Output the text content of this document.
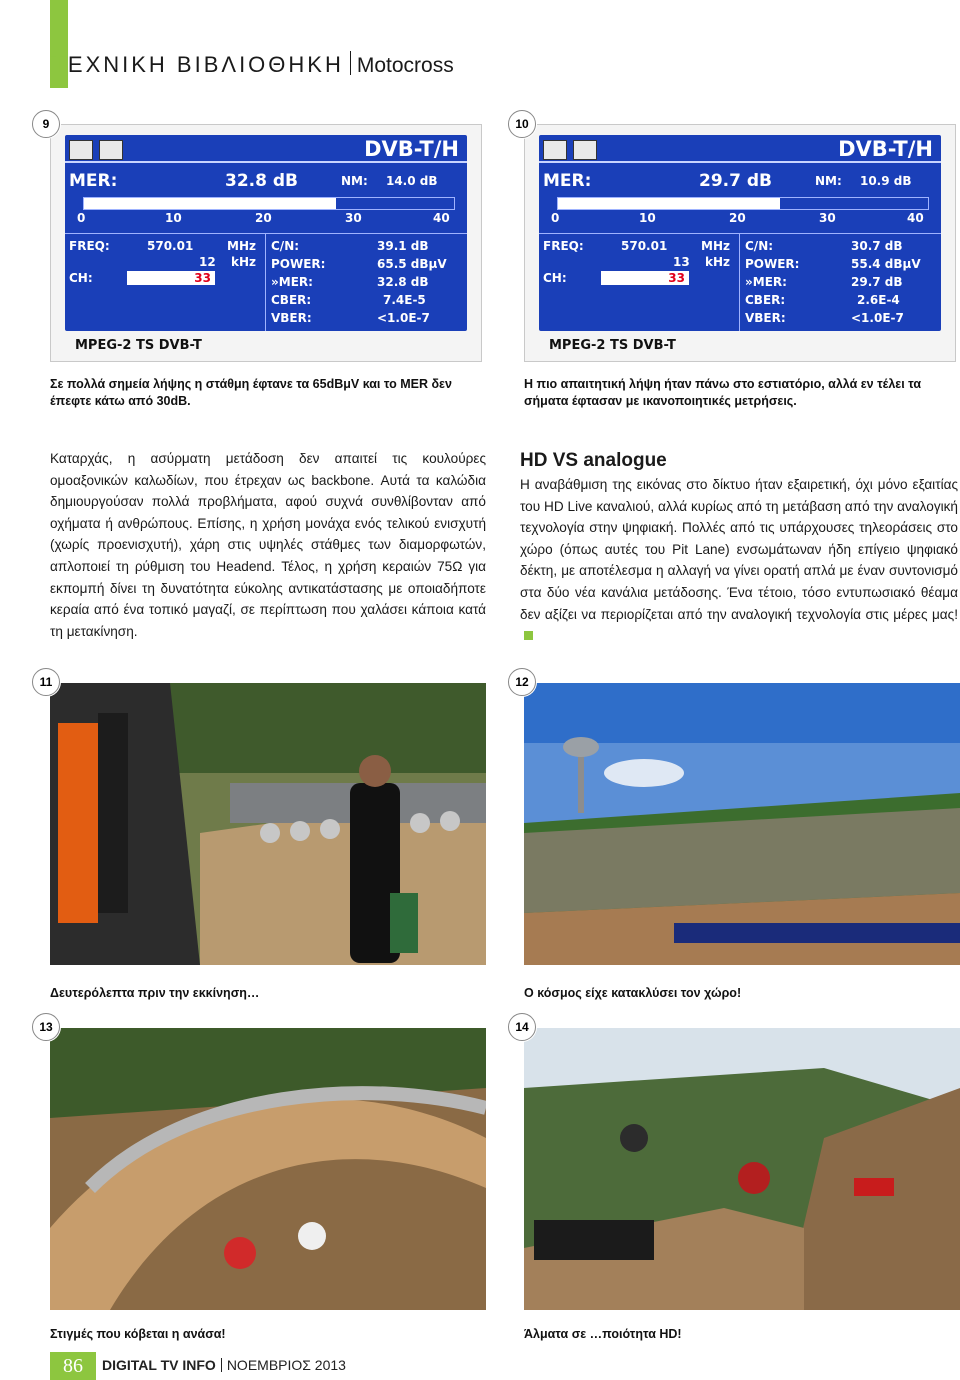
ΤΕΧΝΙΚΗ ΒΙΒΛΙΟΘΗΚΗ Motocross
9
DVB-T/H
MER:	32.8 dB	NM: 14.0 dB
0	10	20	30	40
FREQ:	570.01	MHz
12 kHz
CH:	33
C/N:	39.1 dB
POWER:	65.5 dBμV
»MER:	32.8 dB
CBER:	7.4E-5
VBER:	<1.0E-7
MPEG-2 TS DVB-T
Σε πολλά σημεία λήψης η στάθμη έφτανε τα 65dBμV και το MER δεν έπεφτε κάτω από 30dB.
10
DVB-T/H
MER:	29.7 dB	NM: 10.9 dB
0	10	20	30	40
FREQ:	570.01	MHz
13 kHz
CH:	33
C/N:	30.7 dB
POWER:	55.4 dBμV
»MER:	29.7 dB
CBER:	2.6E-4
VBER:	<1.0E-7
MPEG-2 TS DVB-T
Η πιο απαιτητική λήψη ήταν πάνω στο εστιατόριο, αλλά εν τέλει τα σήματα έφτασαν με ικανοποιητικές μετρήσεις.

Καταρχάς, η ασύρματη μετάδοση δεν απαιτεί τις κουλούρες ομοαξονικών καλωδίων, που έτρεχαν ως backbone. Αυτά τα καλώδια δημιουργούσαν πολλά προβλήματα, αφού συχνά συνθλίβονταν από οχήματα ή ανθρώπους. Επίσης, η χρήση μονάχα ενός τελικού ενισχυτή (χωρίς προενισχυτή), χάρη στις υψηλές στάθμες των διαμορφωτών, απλοποιεί τη ρύθμιση του Headend. Τέλος, η χρήση κεραιών 75Ω για εκπομπή δίνει τη δυνατότητα εύκολης αντικατάστασης με οποιαδήποτε κεραία από ένα τοπικό μαγαζί, σε περίπτωση που χαλάσει κάποια κατά τη μετακίνηση.

HD VS analogue

Η αναβάθμιση της εικόνας στο δίκτυο ήταν εξαιρετική, όχι μόνο εξαιτίας του HD Live καναλιού, αλλά κυρίως από τη μετάβαση από την αναλογική τεχνολογία στην ψηφιακή. Πολλές από τις υπάρχουσες τηλεοράσεις στο χώρο (όπως αυτές του Pit Lane) ενσωμάτωναν ήδη επίγειο ψηφιακό δέκτη, με αποτέλεσμα η αλλαγή να γίνει ορατή απλά με έναν συντονισμό στα δύο νέα κανάλια μετάδοσης. Ένα τέτοιο, τόσο εντυπωσιακό θέαμα δεν αξίζει να περιορίζεται από την αναλογική τεχνολογία στις μέρες μας!

11
Δευτερόλεπτα πριν την εκκίνηση…
12
Ο κόσμος είχε κατακλύσει τον χώρο!
13
Στιγμές που κόβεται η ανάσα!
14
Άλματα σε …ποιότητα HD!
86	DIGITAL TV INFO ΝΟΕΜΒΡΙΟΣ 2013
